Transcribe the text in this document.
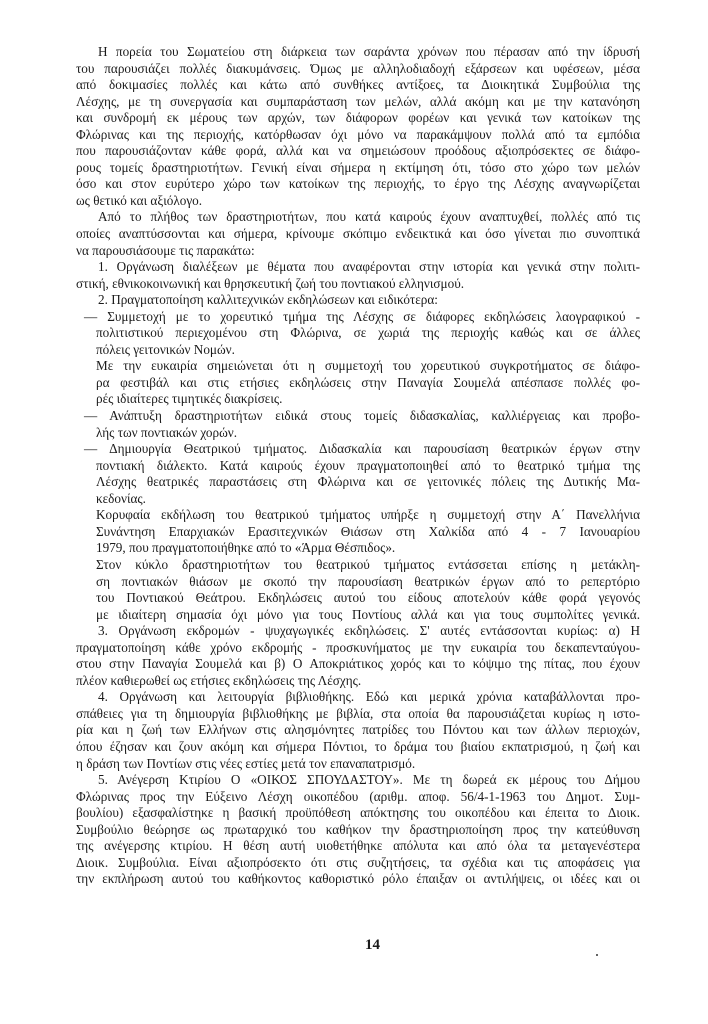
Η πορεία του Σωματείου στη διάρκεια των σαράντα χρόνων που πέρασαν από την ίδρυσή
του παρουσιάζει πολλές διακυμάνσεις. Όμως με αλληλοδιαδοχή εξάρσεων και υφέσεων, μέσα
από δοκιμασίες πολλές και κάτω από συνθήκες αντίξοες, τα Διοικητικά Συμβούλια της
Λέσχης, με τη συνεργασία και συμπαράσταση των μελών, αλλά ακόμη και με την κατανόηση
και συνδρομή εκ μέρους των αρχών, των διάφορων φορέων και γενικά των κατοίκων της
Φλώρινας και της περιοχής, κατόρθωσαν όχι μόνο να παρακάμψουν πολλά από τα εμπόδια
που παρουσιάζονταν κάθε φορά, αλλά και να σημειώσουν προόδους αξιοπρόσεκτες σε διάφο-
ρους τομείς δραστηριοτήτων. Γενική είναι σήμερα η εκτίμηση ότι, τόσο στο χώρο των μελών
όσο και στον ευρύτερο χώρο των κατοίκων της περιοχής, το έργο της Λέσχης αναγνωρίζεται
ως θετικό και αξιόλογο.
Από το πλήθος των δραστηριοτήτων, που κατά καιρούς έχουν αναπτυχθεί, πολλές από τις
οποίες αναπτύσσονται και σήμερα, κρίνουμε σκόπιμο ενδεικτικά και όσο γίνεται πιο συνοπτικά
να παρουσιάσουμε τις παρακάτω:
1. Οργάνωση διαλέξεων με θέματα που αναφέρονται στην ιστορία και γενικά στην πολιτι-
στική, εθνικοκοινωνική και θρησκευτική ζωή του ποντιακού ελληνισμού.
2. Πραγματοποίηση καλλιτεχνικών εκδηλώσεων και ειδικότερα:
— Συμμετοχή με το χορευτικό τμήμα της Λέσχης σε διάφορες εκδηλώσεις λαογραφικού -
πολιτιστικού περιεχομένου στη Φλώρινα, σε χωριά της περιοχής καθώς και σε άλλες
πόλεις γειτονικών Νομών.
Με την ευκαιρία σημειώνεται ότι η συμμετοχή του χορευτικού συγκροτήματος σε διάφο-
ρα φεστιβάλ και στις ετήσιες εκδηλώσεις στην Παναγία Σουμελά απέσπασε πολλές φο-
ρές ιδιαίτερες τιμητικές διακρίσεις.
— Ανάπτυξη δραστηριοτήτων ειδικά στους τομείς διδασκαλίας, καλλιέργειας και προβο-
λής των ποντιακών χορών.
— Δημιουργία Θεατρικού τμήματος. Διδασκαλία και παρουσίαση θεατρικών έργων στην
ποντιακή διάλεκτο. Κατά καιρούς έχουν πραγματοποιηθεί από το θεατρικό τμήμα της
Λέσχης θεατρικές παραστάσεις στη Φλώρινα και σε γειτονικές πόλεις της Δυτικής Μα-
κεδονίας.
Κορυφαία εκδήλωση του θεατρικού τμήματος υπήρξε η συμμετοχή στην Α΄ Πανελλήνια
Συνάντηση Επαρχιακών Ερασιτεχνικών Θιάσων στη Χαλκίδα από 4 - 7 Ιανουαρίου
1979, που πραγματοποιήθηκε από το «Άρμα Θέσπιδος».
Στον κύκλο δραστηριοτήτων του θεατρικού τμήματος εντάσσεται επίσης η μετάκλη-
ση ποντιακών θιάσων με σκοπό την παρουσίαση θεατρικών έργων από το ρεπερτόριο
του Ποντιακού Θεάτρου. Εκδηλώσεις αυτού του είδους αποτελούν κάθε φορά γεγονός
με ιδιαίτερη σημασία όχι μόνο για τους Ποντίους αλλά και για τους συμπολίτες γενικά.
3. Οργάνωση εκδρομών - ψυχαγωγικές εκδηλώσεις. Σ' αυτές εντάσσονται κυρίως: α) Η
πραγματοποίηση κάθε χρόνο εκδρομής - προσκυνήματος με την ευκαιρία του δεκαπενταύγου-
στου στην Παναγία Σουμελά και β) Ο Αποκριάτικος χορός και το κόψιμο της πίτας, που έχουν
πλέον καθιερωθεί ως ετήσιες εκδηλώσεις της Λέσχης.
4. Οργάνωση και λειτουργία βιβλιοθήκης. Εδώ και μερικά χρόνια καταβάλλονται προ-
σπάθειες για τη δημιουργία βιβλιοθήκης με βιβλία, στα οποία θα παρουσιάζεται κυρίως η ιστο-
ρία και η ζωή των Ελλήνων στις αλησμόνητες πατρίδες του Πόντου και των άλλων περιοχών,
όπου έζησαν και ζουν ακόμη και σήμερα Πόντιοι, το δράμα του βιαίου εκπατρισμού, η ζωή και
η δράση των Ποντίων στις νέες εστίες μετά τον επαναπατρισμό.
5. Ανέγερση Κτιρίου Ο «ΟΙΚΟΣ ΣΠΟΥΔΑΣΤΟΥ». Με τη δωρεά εκ μέρους του Δήμου
Φλώρινας προς την Εύξεινο Λέσχη οικοπέδου (αριθμ. αποφ. 56/4-1-1963 του Δημοτ. Συμ-
βουλίου) εξασφαλίστηκε η βασική προϋπόθεση απόκτησης του οικοπέδου και έπειτα το Διοικ.
Συμβούλιο θεώρησε ως πρωταρχικό του καθήκον την δραστηριοποίηση προς την κατεύθυνση
της ανέγερσης κτιρίου. Η θέση αυτή υιοθετήθηκε απόλυτα και από όλα τα μεταγενέστερα
Διοικ. Συμβούλια. Είναι αξιοπρόσεκτο ότι στις συζητήσεις, τα σχέδια και τις αποφάσεις για
την εκπλήρωση αυτού του καθήκοντος καθοριστικό ρόλο έπαιξαν οι αντιλήψεις, οι ιδέες και οι
14
